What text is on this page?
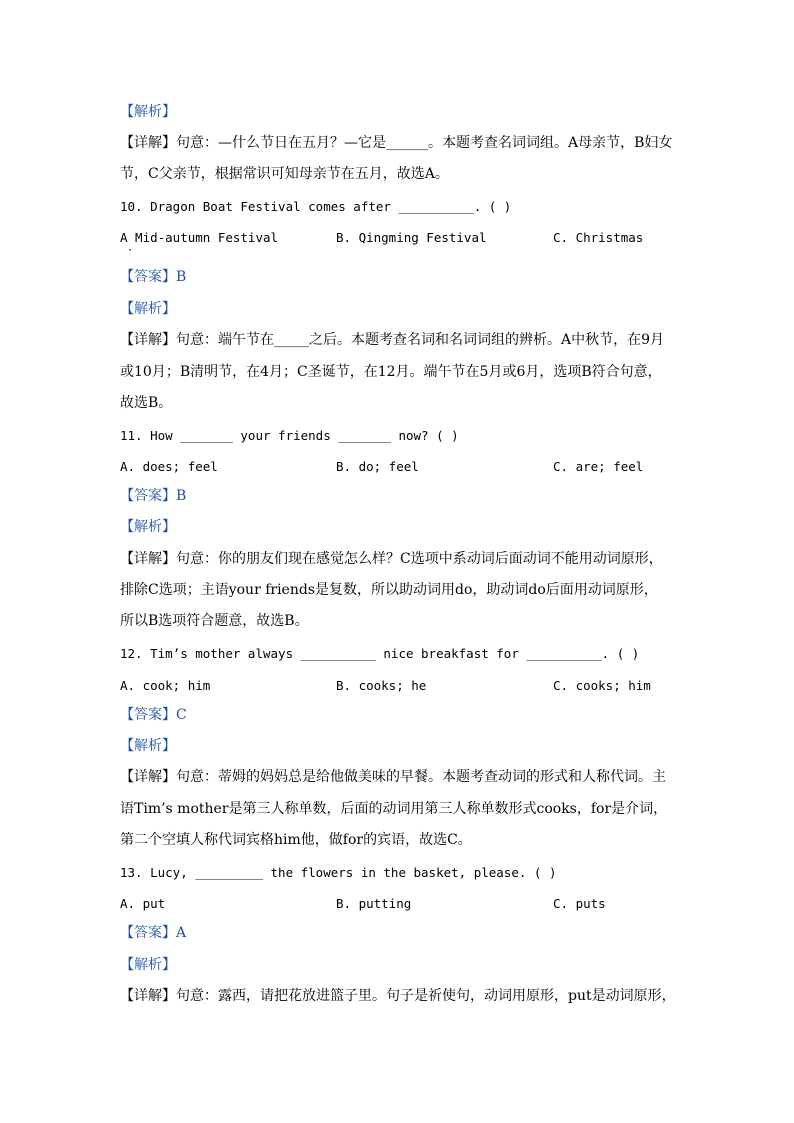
【解析】
【详解】句意：—什么节日在五月？—它是______。本题考查名词词组。A母亲节，B妇女
节，C父亲节，根据常识可知母亲节在五月，故选A。
10. Dragon Boat Festival comes after __________. ( )
A Mid-autumn Festival
·
B. Qingming Festival	C. Christmas
【答案】B
【解析】
【详解】句意：端午节在_____之后。本题考查名词和名词词组的辨析。A中秋节，在9月
或10月；B清明节，在4月；C圣诞节，在12月。端午节在5月或6月，选项B符合句意，
故选B。
11. How _______ your friends _______ now? ( )
A. does; feel	B. do; feel	C. are; feel
【答案】B
【解析】
【详解】句意：你的朋友们现在感觉怎么样？C选项中系动词后面动词不能用动词原形，
排除C选项；主语your friends是复数，所以助动词用do，助动词do后面用动词原形，
所以B选项符合题意，故选B。
12. Tim’s mother always __________ nice breakfast for __________. ( )
A. cook; him	B. cooks; he	C. cooks; him
【答案】C
【解析】
【详解】句意：蒂姆的妈妈总是给他做美味的早餐。本题考查动词的形式和人称代词。主
语Tim’s mother是第三人称单数，后面的动词用第三人称单数形式cooks，for是介词，
第二个空填人称代词宾格him他，做for的宾语，故选C。
13. Lucy, _________ the flowers in the basket, please. ( )
A. put	B. putting	C. puts
【答案】A
【解析】
【详解】句意：露西，请把花放进篮子里。句子是祈使句，动词用原形，put是动词原形，
